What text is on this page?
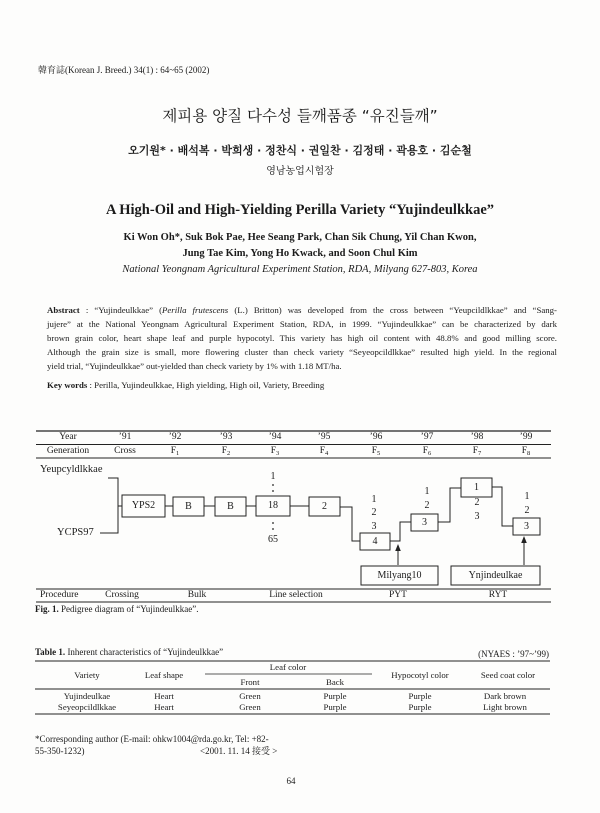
韓育誌(Korean J. Breed.) 34(1) : 64~65 (2002)
제피용 양질 다수성 들깨품종 “유진들깨”
오기원* · 배석복 · 박희생 · 정찬식 · 권일찬 · 김정태 · 곽용호 · 김순철
영남농업시험장
A High-Oil and High-Yielding Perilla Variety “Yujindeulkkae”
Ki Won Oh*, Suk Bok Pae, Hee Seang Park, Chan Sik Chung, Yil Chan Kwon,
Jung Tae Kim, Yong Ho Kwack, and Soon Chul Kim
National Yeongnam Agricultural Experiment Station, RDA, Milyang 627-803, Korea
Abstract : “Yujindeulkkae” (Perilla frutescens (L.) Britton) was developed from the cross between “Yeupcildlkkae” and “Sang-
jujere” at the National Yeongnam Agricultural Experiment Station, RDA, in 1999. “Yujindeulkkae” can be characterized by dark
brown grain color, heart shape leaf and purple hypocotyl. This variety has high oil content with 48.8% and good milling score.
Although the grain size is small, more flowering cluster than check variety “Seyeopcildlkkae” resulted high yield. In the regional
yield trial, “Yujindeulkkae” out-yielded than check variety by 1% with 1.18 MT/ha.
Key words : Perilla, Yujindeulkkae, High yielding, High oil, Variety, Breeding
Year	’91	’92	’93	’94	’95	’96	’97	’98	’99
Generation	Cross	$F_1$	$F_2$	$F_3$	$F_4$	$F_5$	$F_6$	$F_7$	$F_8$
Yeupcyldlkkae
YCPS97
YPS2	B	B	18	2
4
3
1
3
1
65
1
2
3
1
2	2
3
1
2
Milyang10	Ynjindeulkae
Procedure	Crossing	Bulk	Line selection	PYT	RYT
Fig. 1. Pedigree diagram of “Yujindeulkkae”.
Table 1. Inherent characteristics of “Yujindeulkkae”	(NYAES : ’97~’99)
Leaf color
Variety	Leaf shape	Hypocotyl color	Seed coat color
Front	Back
Yujindeulkae	Heart	Green	Purple	Purple	Dark brown
Seyeopcildlkkae	Heart	Green	Purple	Purple	Light brown
*Corresponding author (E-mail: ohkw1004@rda.go.kr, Tel: +82-
55-350-1232)	<2001. 11. 14 接受 >
64
